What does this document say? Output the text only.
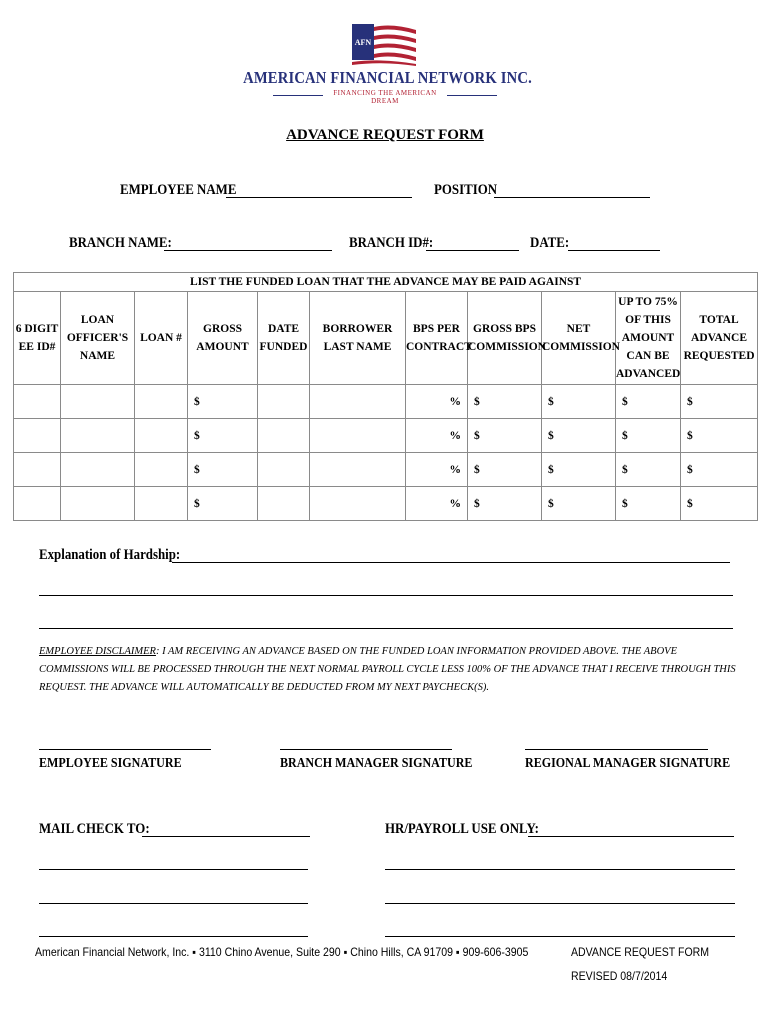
AFN
AMERICAN FINANCIAL NETWORK INC.
FINANCING THE AMERICAN DREAM
ADVANCE REQUEST FORM
EMPLOYEE NAME	POSITION
BRANCH NAME:	BRANCH ID#:	DATE:
LIST THE FUNDED LOAN THAT THE ADVANCE MAY BE PAID AGAINST										
6 DIGIT EE ID#	LOAN OFFICER'S NAME	LOAN #	GROSS AMOUNT	DATE FUNDED	BORROWER LAST NAME	BPS PER CONTRACT	GROSS BPS COMMISSION	NET COMMISSION	UP TO 75% OF THIS AMOUNT CAN BE ADVANCED	TOTAL ADVANCE REQUESTED
			$			%	$	$	$	$
			$			%	$	$	$	$
			$			%	$	$	$	$
			$			%	$	$	$	$
Explanation of Hardship:
EMPLOYEE DISCLAIMER: I AM RECEIVING AN ADVANCE BASED ON THE FUNDED LOAN INFORMATION PROVIDED ABOVE. THE ABOVE COMMISSIONS WILL BE PROCESSED THROUGH THE NEXT NORMAL PAYROLL CYCLE LESS 100% OF THE ADVANCE THAT I RECEIVE THROUGH THIS REQUEST. THE ADVANCE WILL AUTOMATICALLY BE DEDUCTED FROM MY NEXT PAYCHECK(S).
EMPLOYEE SIGNATURE	BRANCH MANAGER SIGNATURE	REGIONAL MANAGER SIGNATURE
MAIL CHECK TO:	HR/PAYROLL USE ONLY:
American Financial Network, Inc. ▪ 3110 Chino Avenue, Suite 290 ▪ Chino Hills, CA 91709 ▪ 909-606-3905	ADVANCE REQUEST FORM
REVISED 08/7/2014
